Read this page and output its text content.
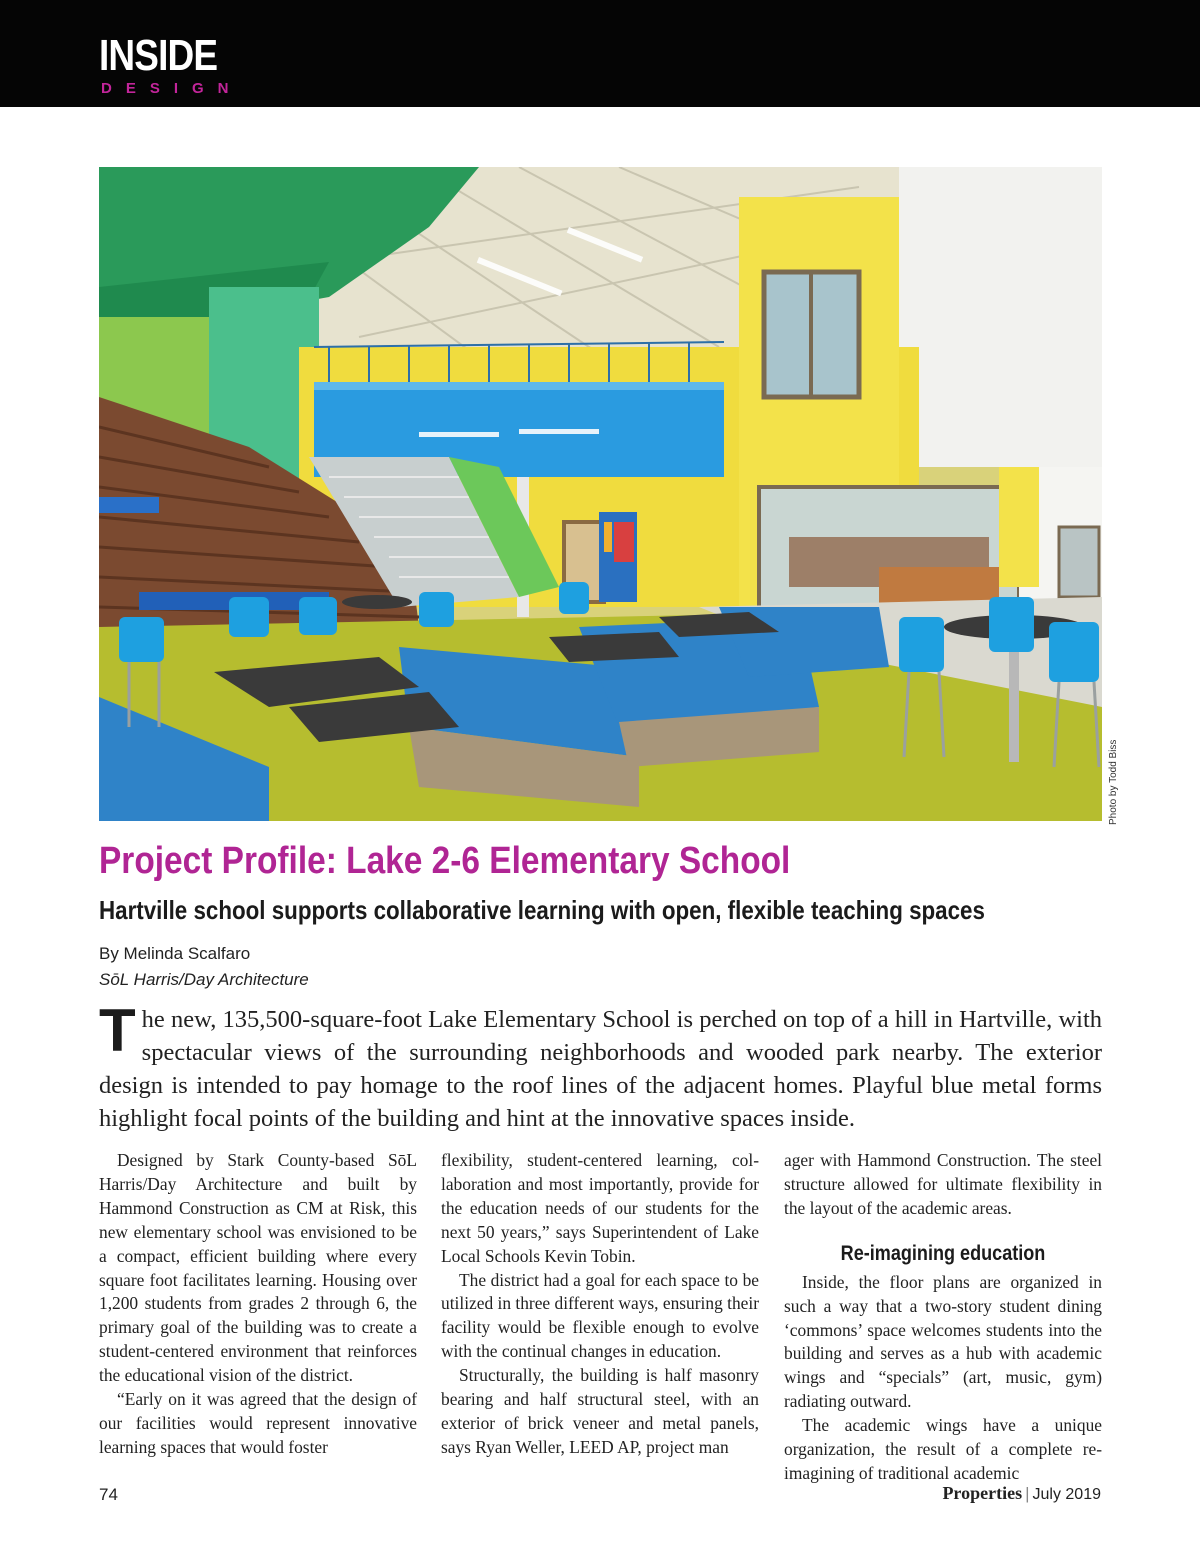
INSIDE
DESIGN
Photo by Todd Biss
Project Profile: Lake 2-6 Elementary School
Hartville school supports collaborative learning with open, flexible teaching spaces
By Melinda Scalfaro
SōL Harris/Day Architecture
The new, 135,500-square-foot Lake Elementary School is perched on top of a hill in Hartville, with spectacular views of the surrounding neighborhoods and wooded park nearby. The exterior design is intended to pay homage to the roof lines of the adjacent homes. Playful blue metal forms highlight focal points of the building and hint at the innovative spaces inside.

Designed by Stark County-based SōL Harris/Day Architecture and built by Hammond Construction as CM at Risk, this new elementary school was envisioned to be a compact, efficient building where every square foot facilitates learning. Housing over 1,200 students from grades 2 through 6, the primary goal of the building was to create a student-centered environment that reinforces the educational vision of the district.

“Early on it was agreed that the design of our facilities would represent innovative learning spaces that would foster

flexibility, student-centered learning, collaboration and most importantly, provide for the education needs of our students for the next 50 years,” says Superintendent of Lake Local Schools Kevin Tobin.

The district had a goal for each space to be utilized in three different ways, ensuring their facility would be flexible enough to evolve with the continual changes in education.

Structurally, the building is half masonry bearing and half structural steel, with an exterior of brick veneer and metal panels, says Ryan Weller, LEED AP, project man

ager with Hammond Construction. The steel structure allowed for ultimate flexibility in the layout of the academic areas.

Re-imagining education

Inside, the floor plans are organized in such a way that a two-story student dining ‘commons’ space welcomes students into the building and serves as a hub with academic wings and “specials” (art, music, gym) radiating outward.

The academic wings have a unique organization, the result of a complete re-imagining of traditional academic

74	Properties | July 2019
